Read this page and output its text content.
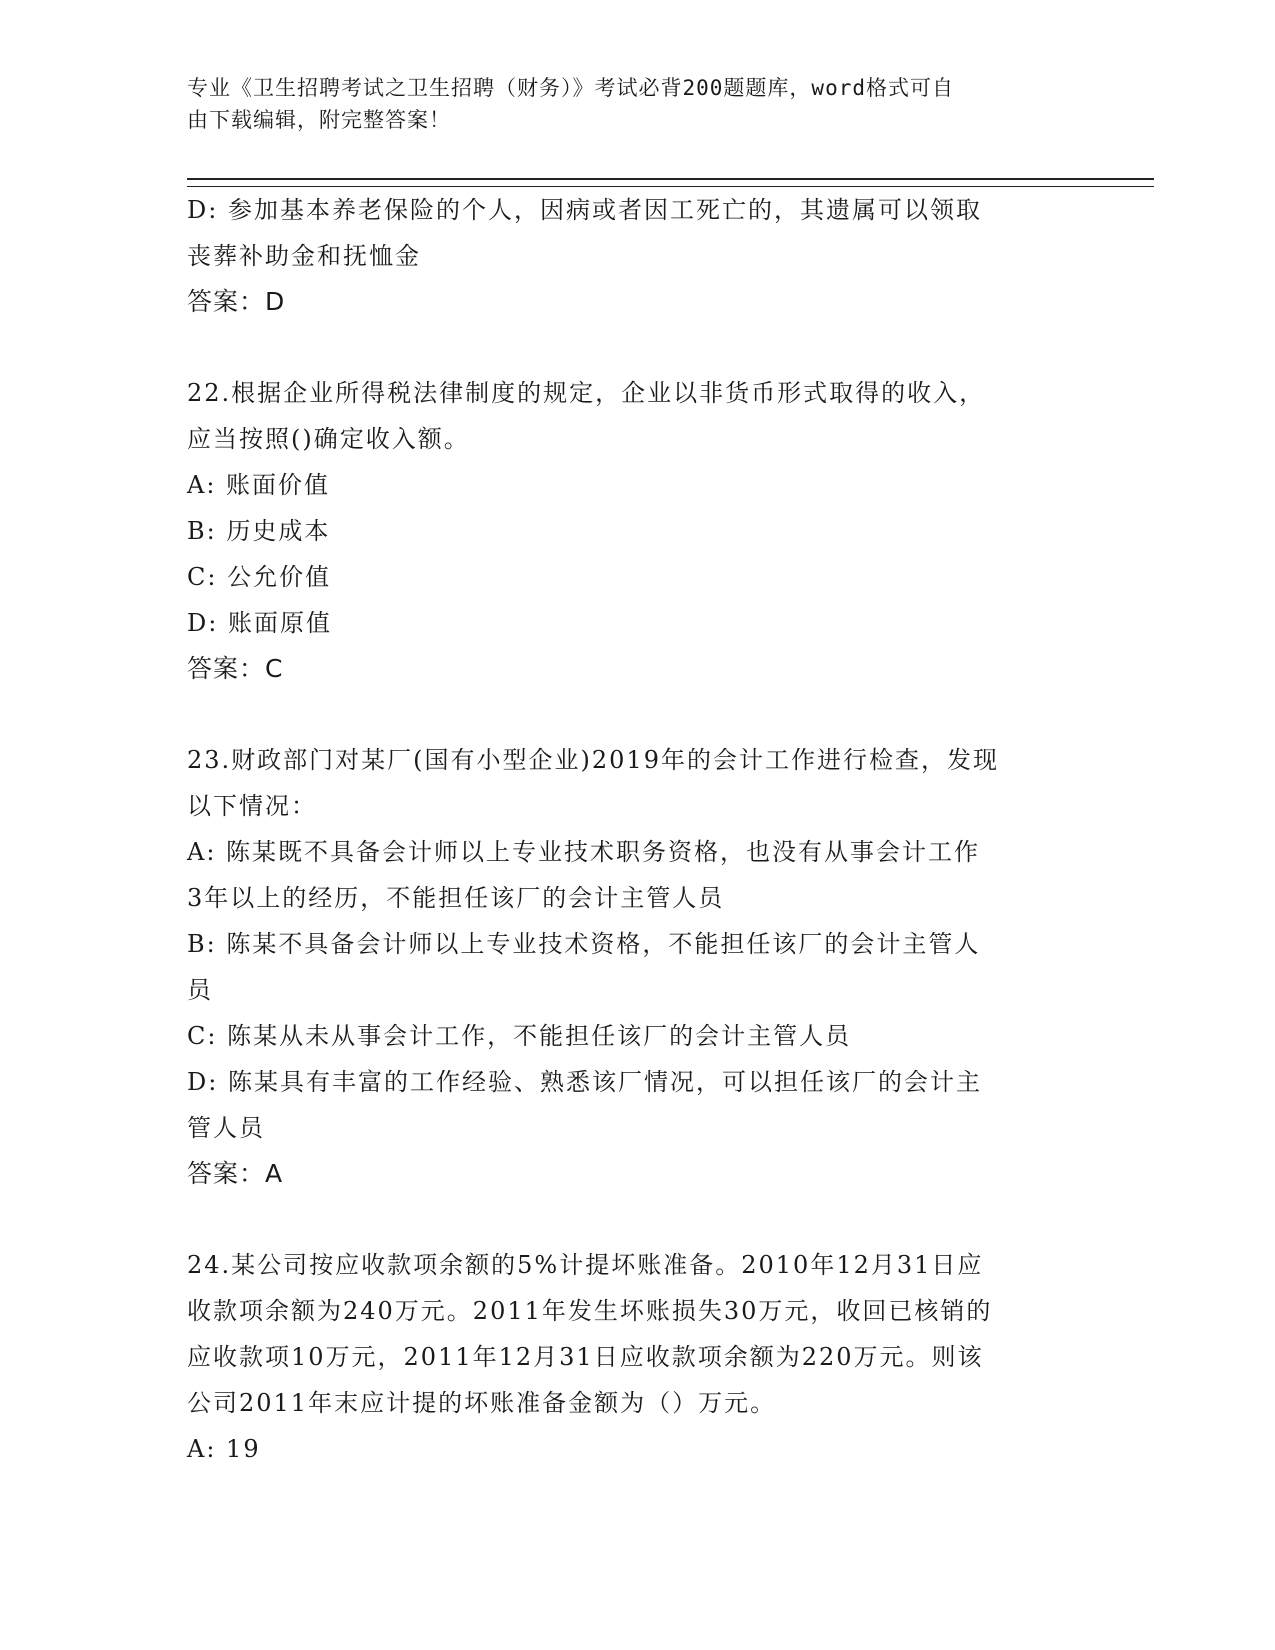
专业《卫生招聘考试之卫生招聘（财务）》考试必背200题题库，word格式可自
由下载编辑，附完整答案！
D: 参加基本养老保险的个人，因病或者因工死亡的，其遗属可以领取
丧葬补助金和抚恤金
答案：D
22.根据企业所得税法律制度的规定，企业以非货币形式取得的收入，
应当按照()确定收入额。
A: 账面价值
B: 历史成本
C: 公允价值
D: 账面原值
答案：C
23.财政部门对某厂(国有小型企业)2019年的会计工作进行检查，发现
以下情况：
A: 陈某既不具备会计师以上专业技术职务资格，也没有从事会计工作
3年以上的经历，不能担任该厂的会计主管人员
B: 陈某不具备会计师以上专业技术资格，不能担任该厂的会计主管人
员
C: 陈某从未从事会计工作，不能担任该厂的会计主管人员
D: 陈某具有丰富的工作经验、熟悉该厂情况，可以担任该厂的会计主
管人员
答案：A
24.某公司按应收款项余额的5%计提坏账准备。2010年12月31日应
收款项余额为240万元。2011年发生坏账损失30万元，收回已核销的
应收款项10万元，2011年12月31日应收款项余额为220万元。则该
公司2011年末应计提的坏账准备金额为（）万元。
A: 19
